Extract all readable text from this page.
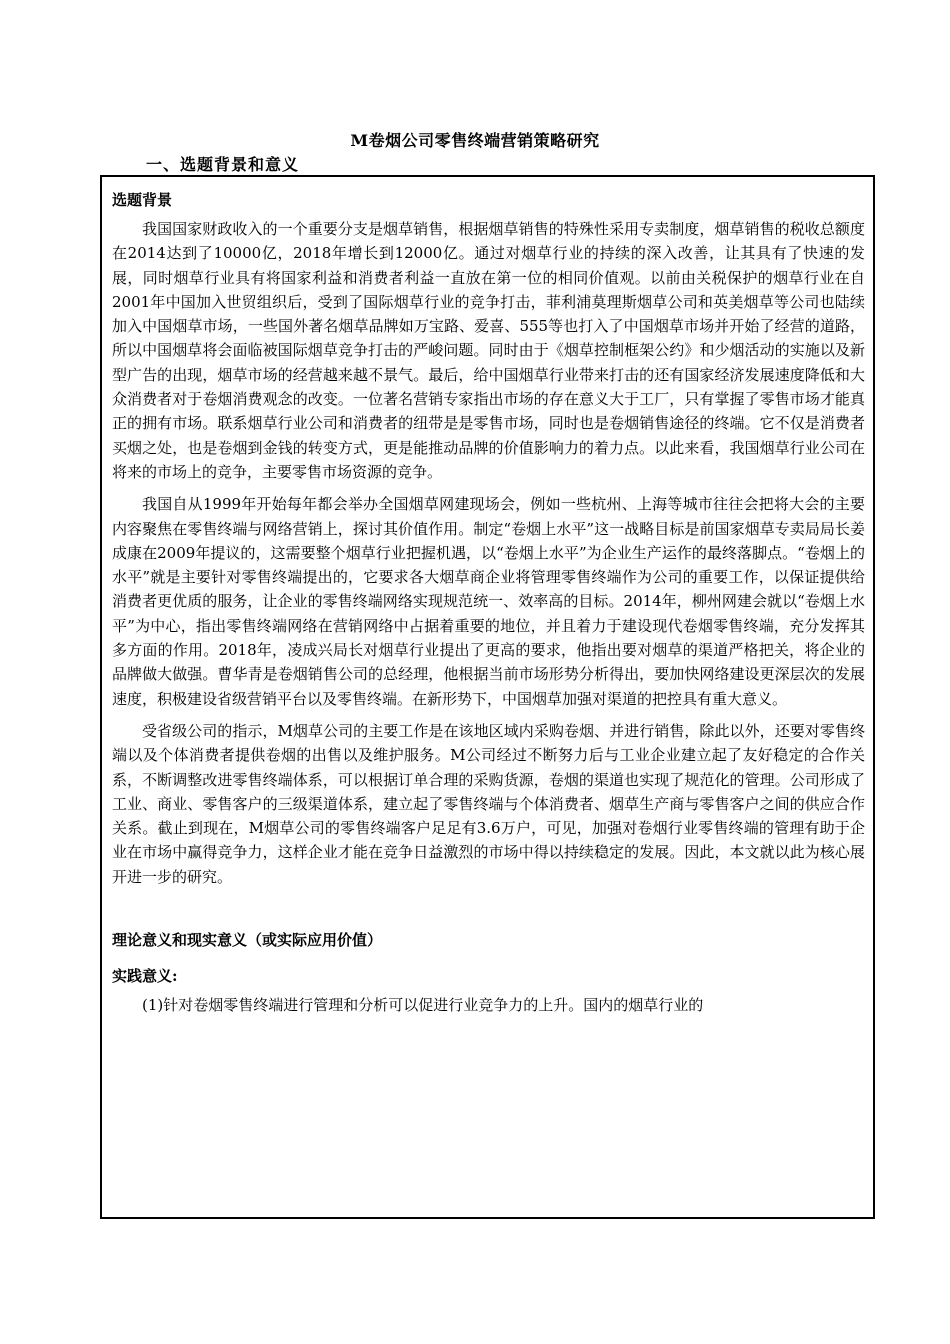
M卷烟公司零售终端营销策略研究
一、选题背景和意义

选题背景

我国国家财政收入的一个重要分支是烟草销售，根据烟草销售的特殊性采用专卖制度，烟草销售的税收总额度在2014达到了10000亿，2018年增长到12000亿。通过对烟草行业的持续的深入改善，让其具有了快速的发展，同时烟草行业具有将国家利益和消费者利益一直放在第一位的相同价值观。以前由关税保护的烟草行业在自2001年中国加入世贸组织后，受到了国际烟草行业的竞争打击，菲利浦莫理斯烟草公司和英美烟草等公司也陆续加入中国烟草市场，一些国外著名烟草品牌如万宝路、爱喜、555等也打入了中国烟草市场并开始了经营的道路，所以中国烟草将会面临被国际烟草竞争打击的严峻问题。同时由于《烟草控制框架公约》和少烟活动的实施以及新型广告的出现，烟草市场的经营越来越不景气。最后，给中国烟草行业带来打击的还有国家经济发展速度降低和大众消费者对于卷烟消费观念的改变。一位著名营销专家指出市场的存在意义大于工厂，只有掌握了零售市场才能真正的拥有市场。联系烟草行业公司和消费者的纽带是是零售市场，同时也是卷烟销售途径的终端。它不仅是消费者买烟之处，也是卷烟到金钱的转变方式，更是能推动品牌的价值影响力的着力点。以此来看，我国烟草行业公司在将来的市场上的竞争，主要零售市场资源的竞争。

我国自从1999年开始每年都会举办全国烟草网建现场会，例如一些杭州、上海等城市往往会把将大会的主要内容聚焦在零售终端与网络营销上，探讨其价值作用。制定“卷烟上水平”这一战略目标是前国家烟草专卖局局长姜成康在2009年提议的，这需要整个烟草行业把握机遇，以“卷烟上水平”为企业生产运作的最终落脚点。“卷烟上的水平”就是主要针对零售终端提出的，它要求各大烟草商企业将管理零售终端作为公司的重要工作，以保证提供给消费者更优质的服务，让企业的零售终端网络实现规范统一、效率高的目标。2014年，柳州网建会就以“卷烟上水平”为中心，指出零售终端网络在营销网络中占据着重要的地位，并且着力于建设现代卷烟零售终端，充分发挥其多方面的作用。2018年，凌成兴局长对烟草行业提出了更高的要求，他指出要对烟草的渠道严格把关，将企业的品牌做大做强。曹华青是卷烟销售公司的总经理，他根据当前市场形势分析得出，要加快网络建设更深层次的发展速度，积极建设省级营销平台以及零售终端。在新形势下，中国烟草加强对渠道的把控具有重大意义。

受省级公司的指示，M烟草公司的主要工作是在该地区域内采购卷烟、并进行销售，除此以外，还要对零售终端以及个体消费者提供卷烟的出售以及维护服务。M公司经过不断努力后与工业企业建立起了友好稳定的合作关系，不断调整改进零售终端体系，可以根据订单合理的采购货源，卷烟的渠道也实现了规范化的管理。公司形成了工业、商业、零售客户的三级渠道体系，建立起了零售终端与个体消费者、烟草生产商与零售客户之间的供应合作关系。截止到现在，M烟草公司的零售终端客户足足有3.6万户，可见，加强对卷烟行业零售终端的管理有助于企业在市场中赢得竞争力，这样企业才能在竞争日益激烈的市场中得以持续稳定的发展。因此，本文就以此为核心展开进一步的研究。

理论意义和现实意义（或实际应用价值）

实践意义:

(1)针对卷烟零售终端进行管理和分析可以促进行业竞争力的上升。国内的烟草行业的
